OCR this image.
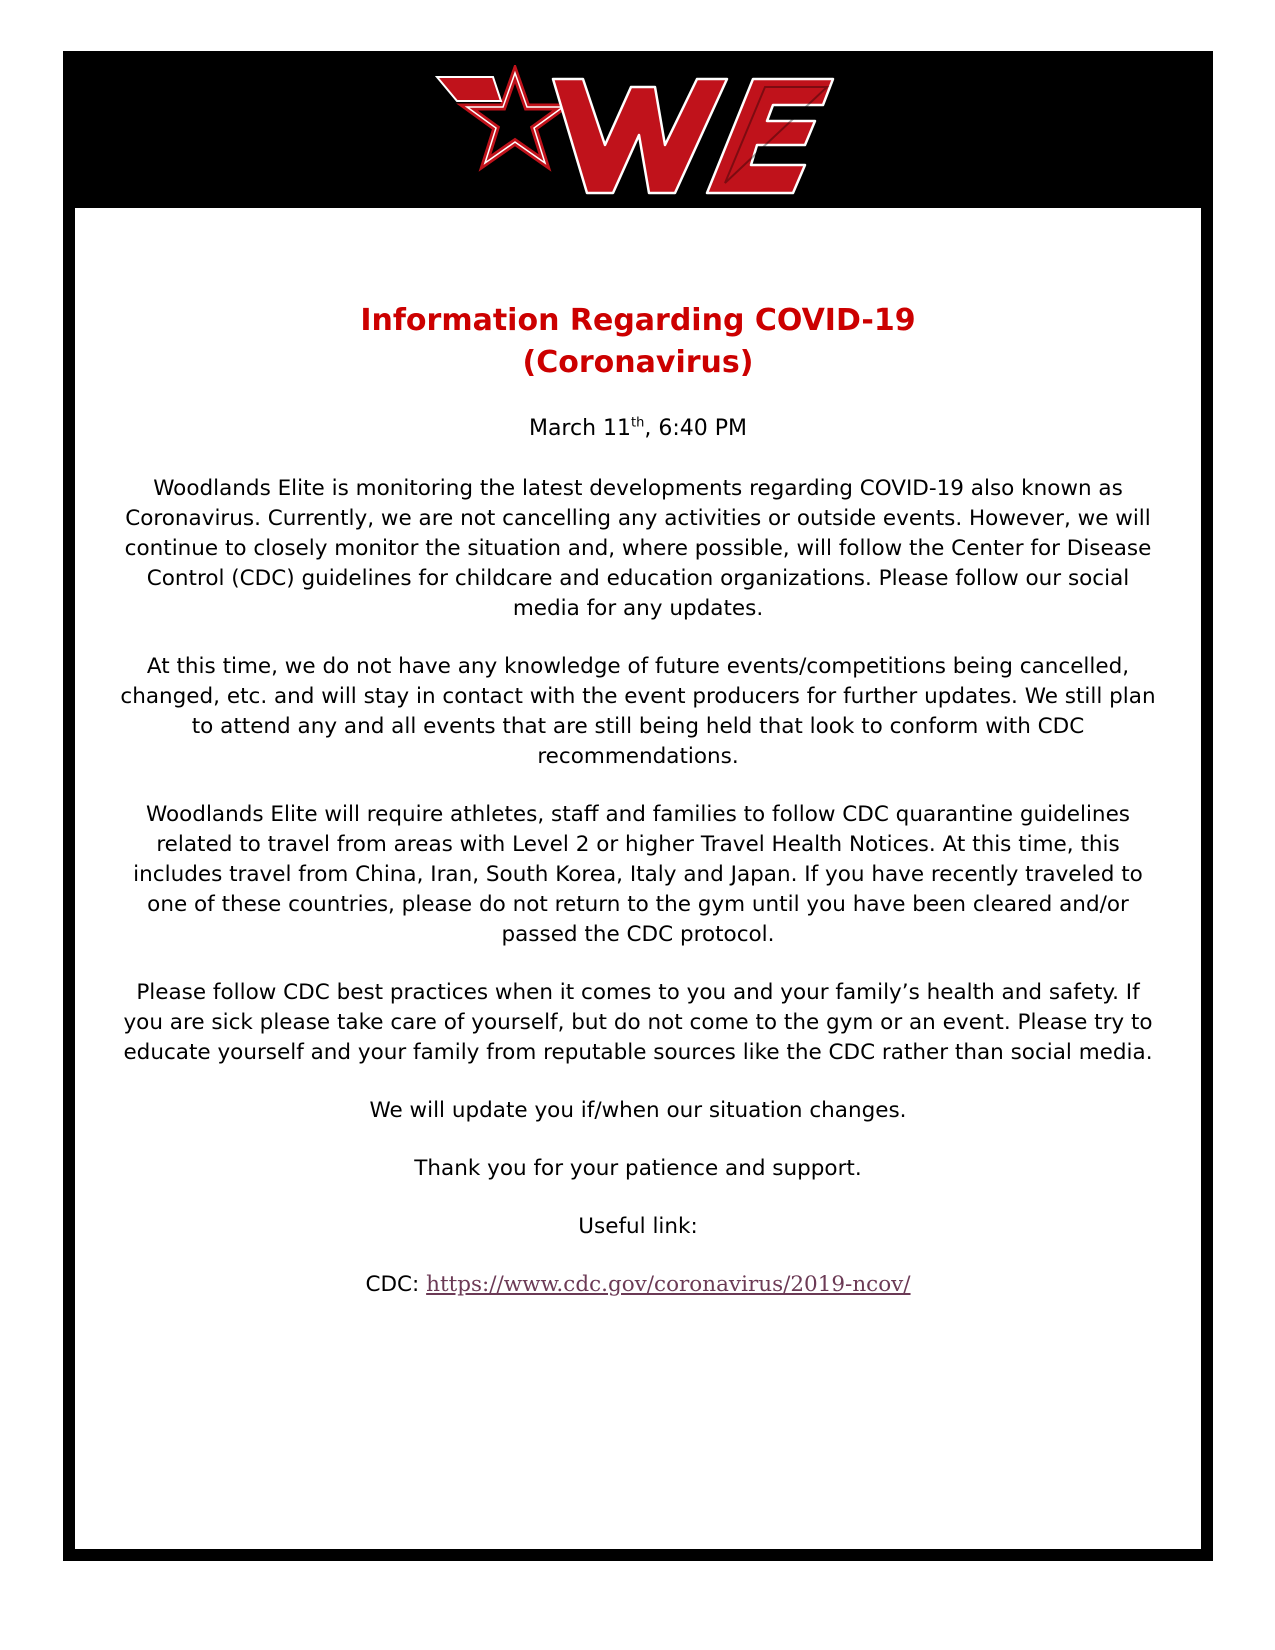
Information Regarding COVID-19
(Coronavirus)

March 11th, 6:40 PM

Woodlands Elite is monitoring the latest developments regarding COVID-19 also known as Coronavirus. Currently, we are not cancelling any activities or outside events. However, we will continue to closely monitor the situation and, where possible, will follow the Center for Disease Control (CDC) guidelines for childcare and education organizations. Please follow our social media for any updates.

At this time, we do not have any knowledge of future events/competitions being cancelled, changed, etc. and will stay in contact with the event producers for further updates. We still plan to attend any and all events that are still being held that look to conform with CDC recommendations.

Woodlands Elite will require athletes, staff and families to follow CDC quarantine guidelines related to travel from areas with Level 2 or higher Travel Health Notices. At this time, this includes travel from China, Iran, South Korea, Italy and Japan. If you have recently traveled to one of these countries, please do not return to the gym until you have been cleared and/or passed the CDC protocol.

Please follow CDC best practices when it comes to you and your family’s health and safety. If you are sick please take care of yourself, but do not come to the gym or an event. Please try to educate yourself and your family from reputable sources like the CDC rather than social media.

We will update you if/when our situation changes.

Thank you for your patience and support.

Useful link:

CDC: https://www.cdc.gov/coronavirus/2019-ncov/
